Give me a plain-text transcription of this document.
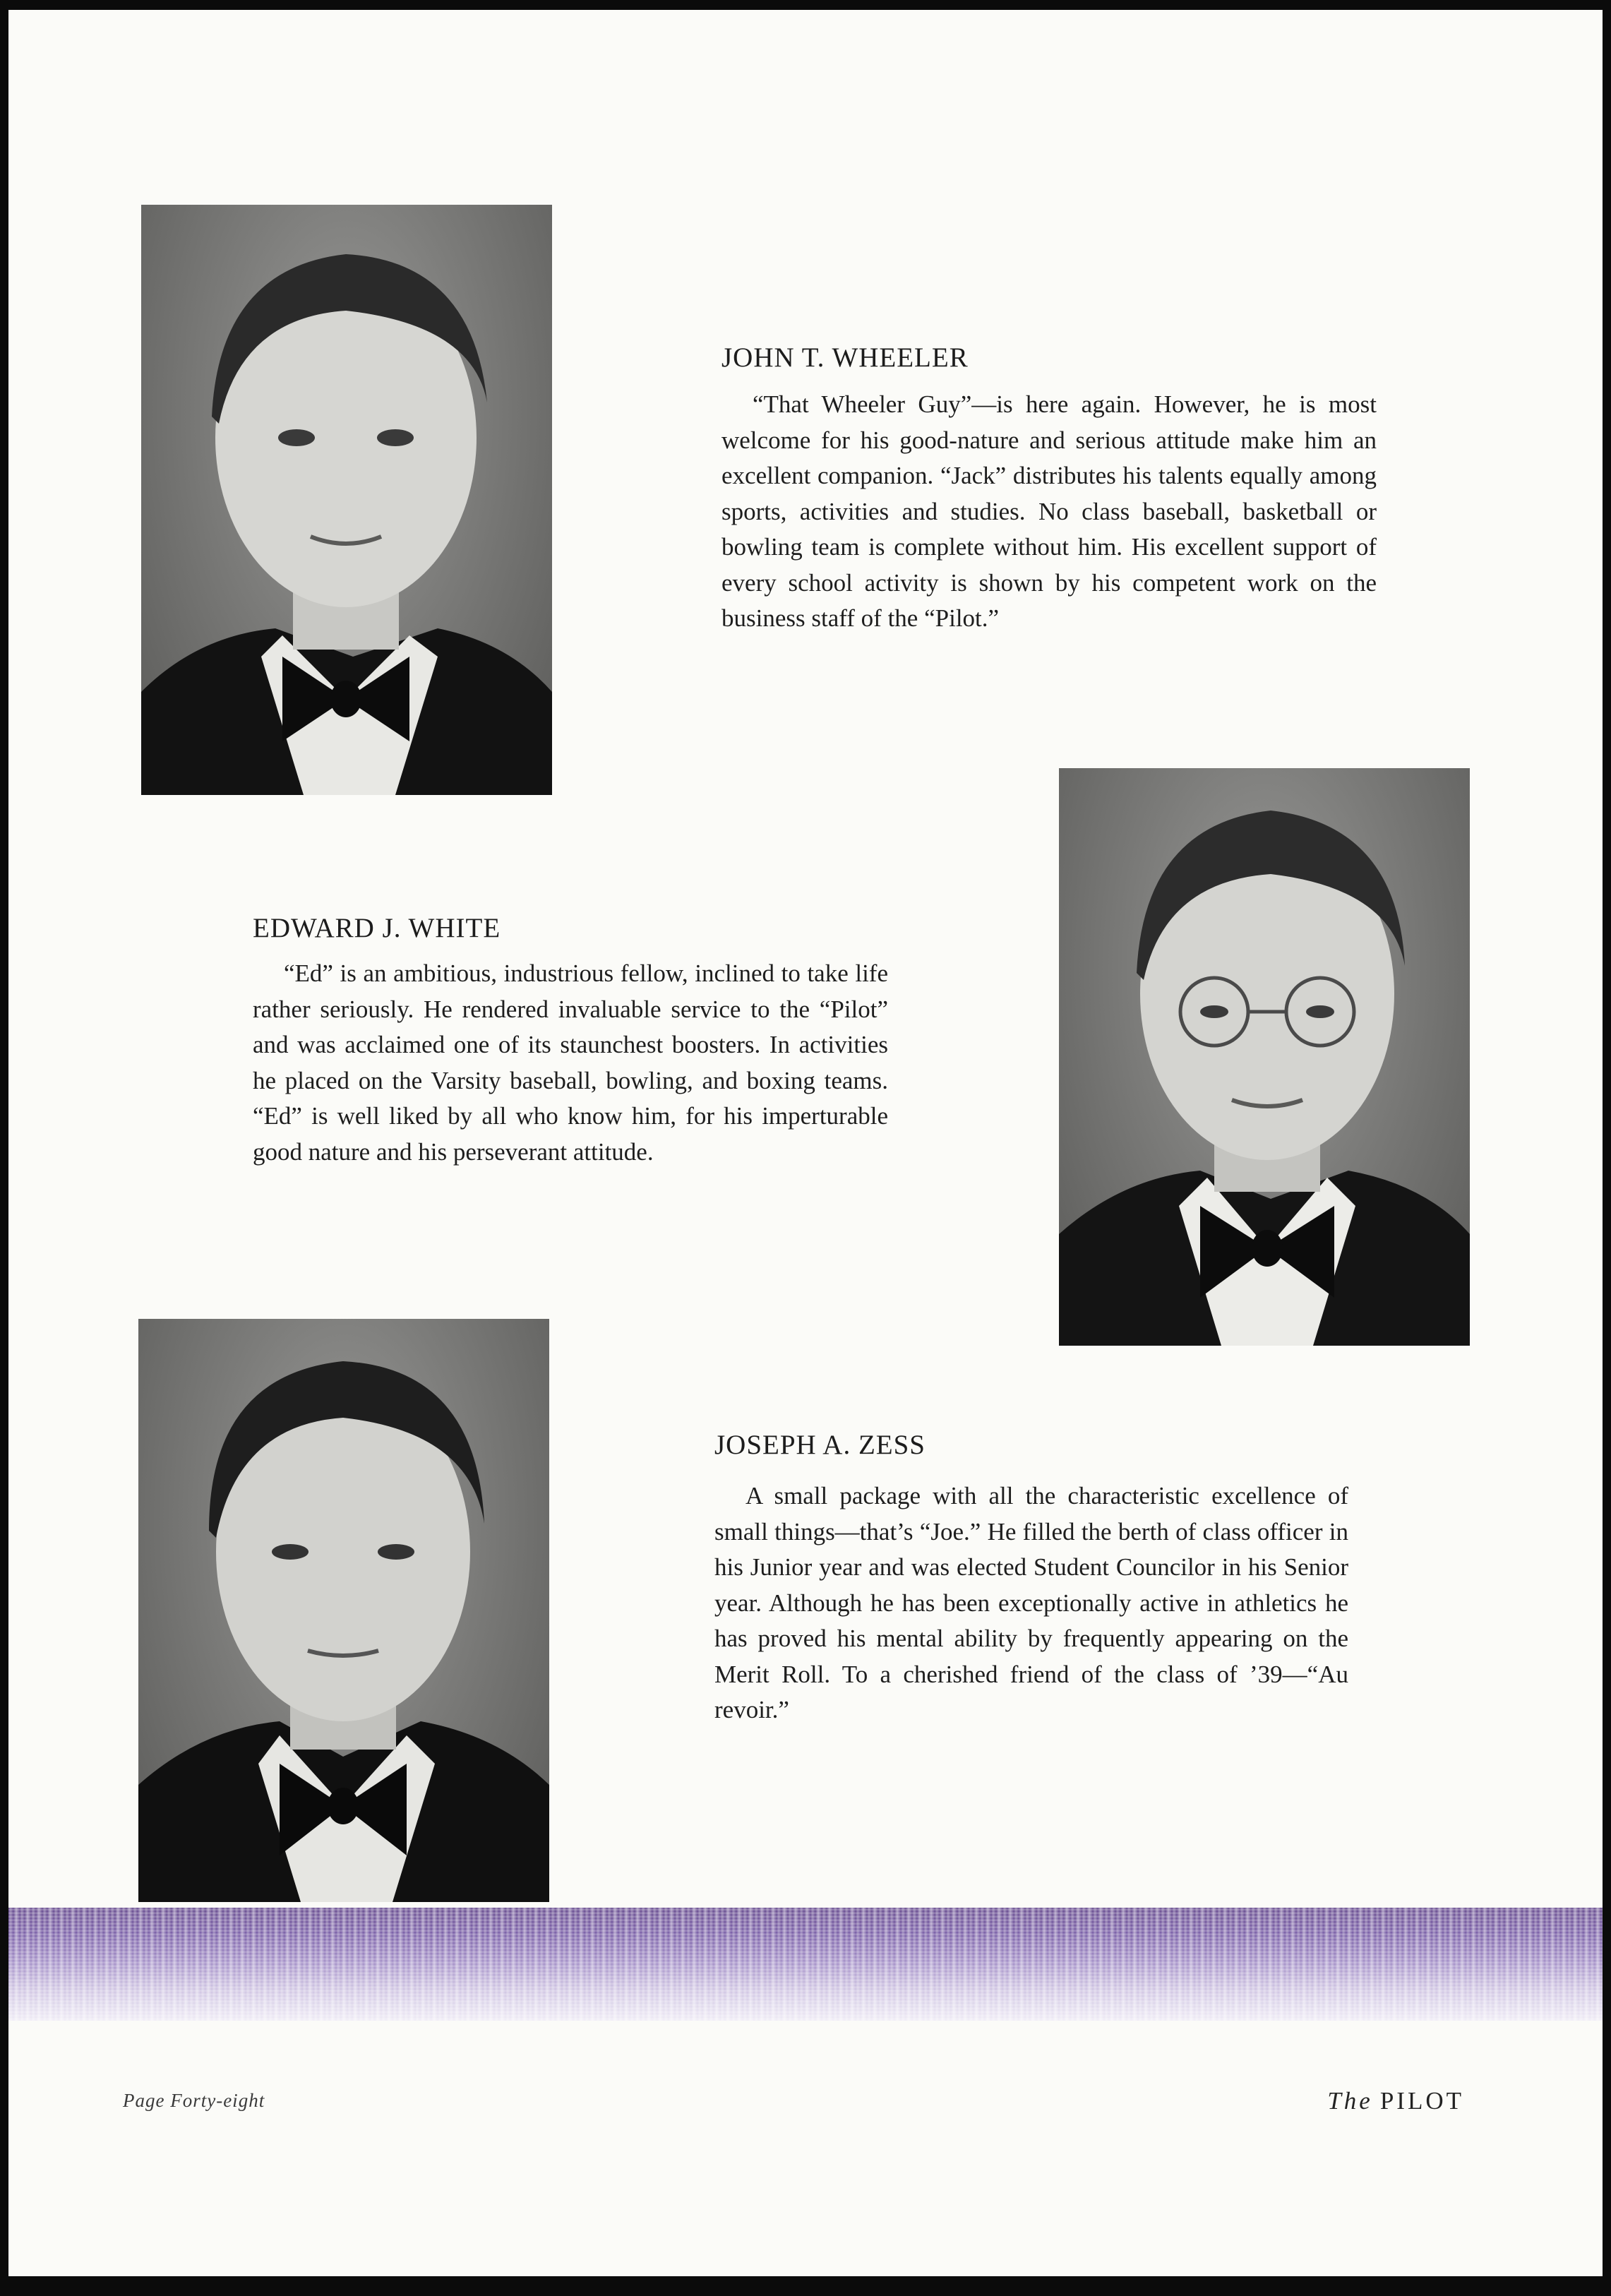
JOHN T. WHEELER

“That Wheeler Guy”—is here again. However, he is most welcome for his good-nature and serious attitude make him an excellent companion. “Jack” distributes his talents equally among sports, activities and studies. No class baseball, basketball or bowling team is complete without him. His excellent support of every school activity is shown by his competent work on the business staff of the “Pilot.”

EDWARD J. WHITE

“Ed” is an ambitious, industrious fellow, inclined to take life rather seriously. He rendered invaluable service to the “Pilot” and was acclaimed one of its staunchest boosters. In activities he placed on the Varsity baseball, bowling, and boxing teams. “Ed” is well liked by all who know him, for his imperturable good nature and his perseverant attitude.

JOSEPH A. ZESS

A small package with all the characteristic excellence of small things—that’s “Joe.” He filled the berth of class officer in his Junior year and was elected Student Councilor in his Senior year. Although he has been exceptionally active in athletics he has proved his mental ability by frequently appearing on the Merit Roll. To a cherished friend of the class of ’39—“Au revoir.”

Page Forty-eight	The PILOT
